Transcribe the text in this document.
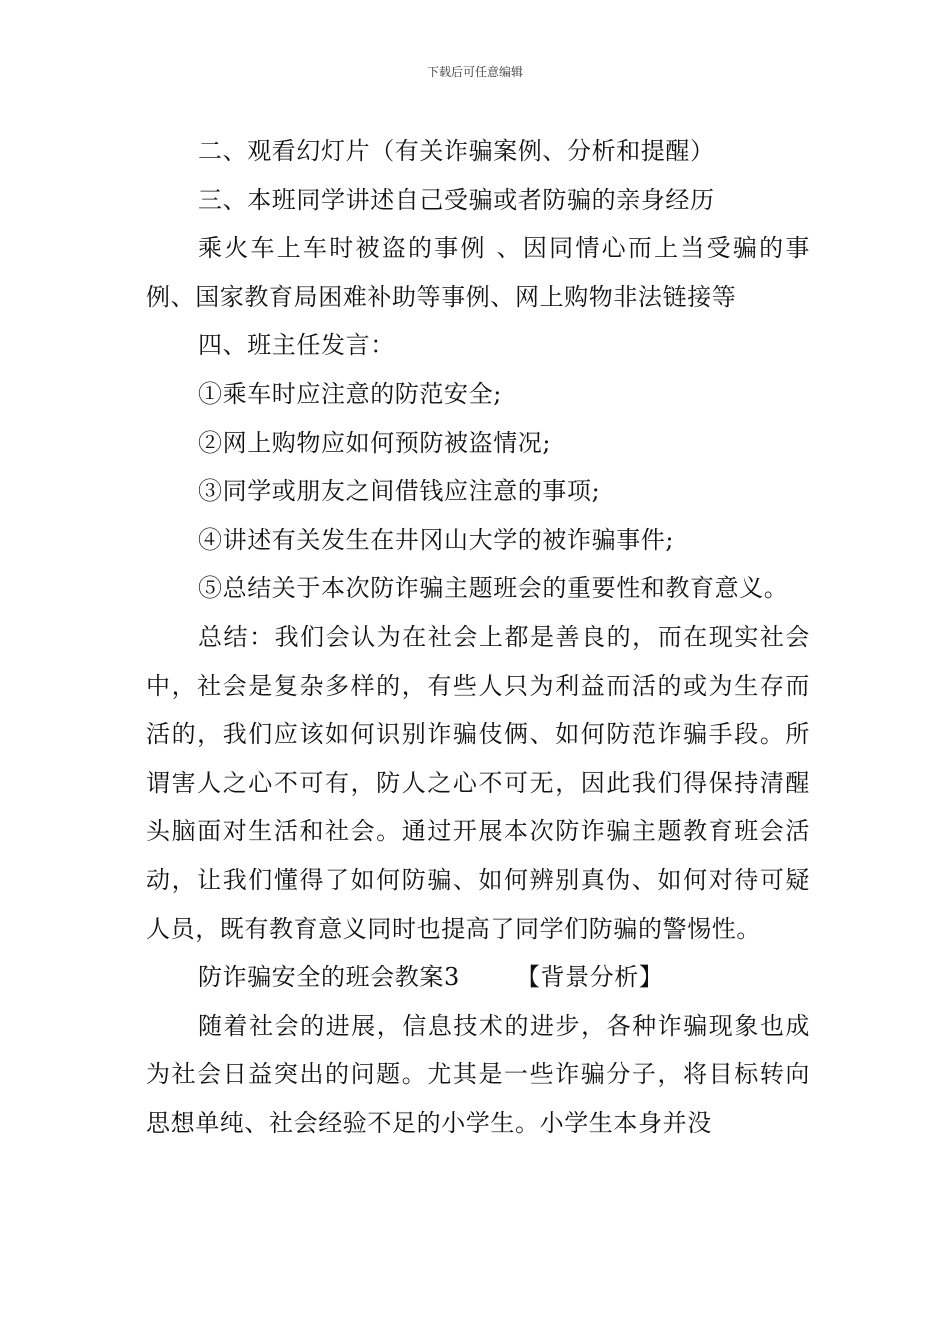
下载后可任意编辑

二、观看幻灯片（有关诈骗案例、分析和提醒）

三、本班同学讲述自己受骗或者防骗的亲身经历

乘火车上车时被盗的事例 、因同情心而上当受骗的事例、国家教育局困难补助等事例、网上购物非法链接等

四、班主任发言：

①乘车时应注意的防范安全;

②网上购物应如何预防被盗情况;

③同学或朋友之间借钱应注意的事项;

④讲述有关发生在井冈山大学的被诈骗事件;

⑤总结关于本次防诈骗主题班会的重要性和教育意义。

总结：我们会认为在社会上都是善良的，而在现实社会中，社会是复杂多样的，有些人只为利益而活的或为生存而活的，我们应该如何识别诈骗伎俩、如何防范诈骗手段。所谓害人之心不可有，防人之心不可无，因此我们得保持清醒头脑面对生活和社会。通过开展本次防诈骗主题教育班会活动，让我们懂得了如何防骗、如何辨别真伪、如何对待可疑人员，既有教育意义同时也提高了同学们防骗的警惕性。

防诈骗安全的班会教案3 【背景分析】

随着社会的进展，信息技术的进步，各种诈骗现象也成为社会日益突出的问题。尤其是一些诈骗分子，将目标转向思想单纯、社会经验不足的小学生。小学生本身并没
